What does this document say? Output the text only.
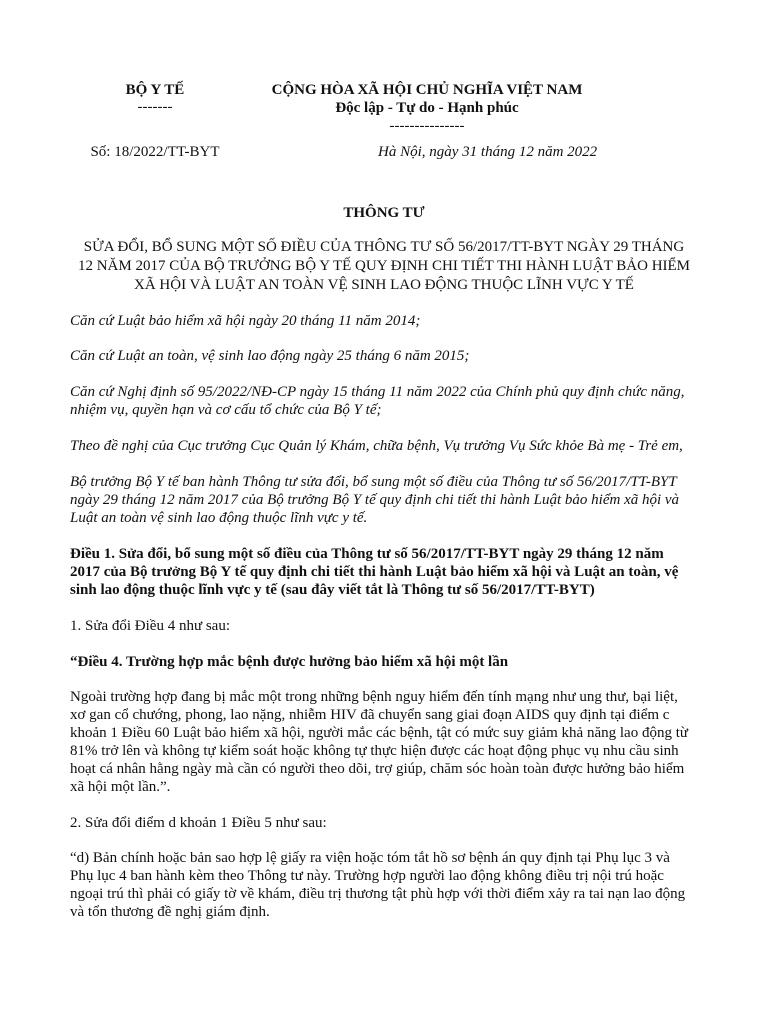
BỘ Y TẾ
-------
Số: 18/2022/TT-BYT
CỘNG HÒA XÃ HỘI CHỦ NGHĨA VIỆT NAM
Độc lập - Tự do - Hạnh phúc
---------------
Hà Nội, ngày 31 tháng 12 năm 2022
THÔNG TƯ
SỬA ĐỔI, BỔ SUNG MỘT SỐ ĐIỀU CỦA THÔNG TƯ SỐ 56/2017/TT-BYT NGÀY 29 THÁNG
12 NĂM 2017 CỦA BỘ TRƯỞNG BỘ Y TẾ QUY ĐỊNH CHI TIẾT THI HÀNH LUẬT BẢO HIỂM
XÃ HỘI VÀ LUẬT AN TOÀN VỆ SINH LAO ĐỘNG THUỘC LĨNH VỰC Y TẾ
Căn cứ Luật bảo hiểm xã hội ngày 20 tháng 11 năm 2014;
Căn cứ Luật an toàn, vệ sinh lao động ngày 25 tháng 6 năm 2015;
Căn cứ Nghị định số 95/2022/NĐ-CP ngày 15 tháng 11 năm 2022 của Chính phủ quy định chức năng,
nhiệm vụ, quyền hạn và cơ cấu tổ chức của Bộ Y tế;
Theo đề nghị của Cục trưởng Cục Quản lý Khám, chữa bệnh, Vụ trưởng Vụ Sức khỏe Bà mẹ - Trẻ em,
Bộ trưởng Bộ Y tế ban hành Thông tư sửa đổi, bổ sung một số điều của Thông tư số 56/2017/TT-BYT
ngày 29 tháng 12 năm 2017 của Bộ trưởng Bộ Y tế quy định chi tiết thi hành Luật bảo hiểm xã hội và
Luật an toàn vệ sinh lao động thuộc lĩnh vực y tế.
Điều 1. Sửa đổi, bổ sung một số điều của Thông tư số 56/2017/TT-BYT ngày 29 tháng 12 năm
2017 của Bộ trưởng Bộ Y tế quy định chi tiết thi hành Luật bảo hiểm xã hội và Luật an toàn, vệ
sinh lao động thuộc lĩnh vực y tế (sau đây viết tắt là Thông tư số 56/2017/TT-BYT)
1. Sửa đổi Điều 4 như sau:
“Điều 4. Trường hợp mắc bệnh được hưởng bảo hiểm xã hội một lần
Ngoài trường hợp đang bị mắc một trong những bệnh nguy hiểm đến tính mạng như ung thư, bại liệt,
xơ gan cổ chướng, phong, lao nặng, nhiễm HIV đã chuyển sang giai đoạn AIDS quy định tại điểm c
khoản 1 Điều 60 Luật bảo hiểm xã hội, người mắc các bệnh, tật có mức suy giảm khả năng lao động từ
81% trở lên và không tự kiểm soát hoặc không tự thực hiện được các hoạt động phục vụ nhu cầu sinh
hoạt cá nhân hằng ngày mà cần có người theo dõi, trợ giúp, chăm sóc hoàn toàn được hưởng bảo hiểm
xã hội một lần.”.
2. Sửa đổi điểm d khoản 1 Điều 5 như sau:
“d) Bản chính hoặc bản sao hợp lệ giấy ra viện hoặc tóm tắt hồ sơ bệnh án quy định tại Phụ lục 3 và
Phụ lục 4 ban hành kèm theo Thông tư này. Trường hợp người lao động không điều trị nội trú hoặc
ngoại trú thì phải có giấy tờ về khám, điều trị thương tật phù hợp với thời điểm xảy ra tai nạn lao động
và tổn thương đề nghị giám định.
